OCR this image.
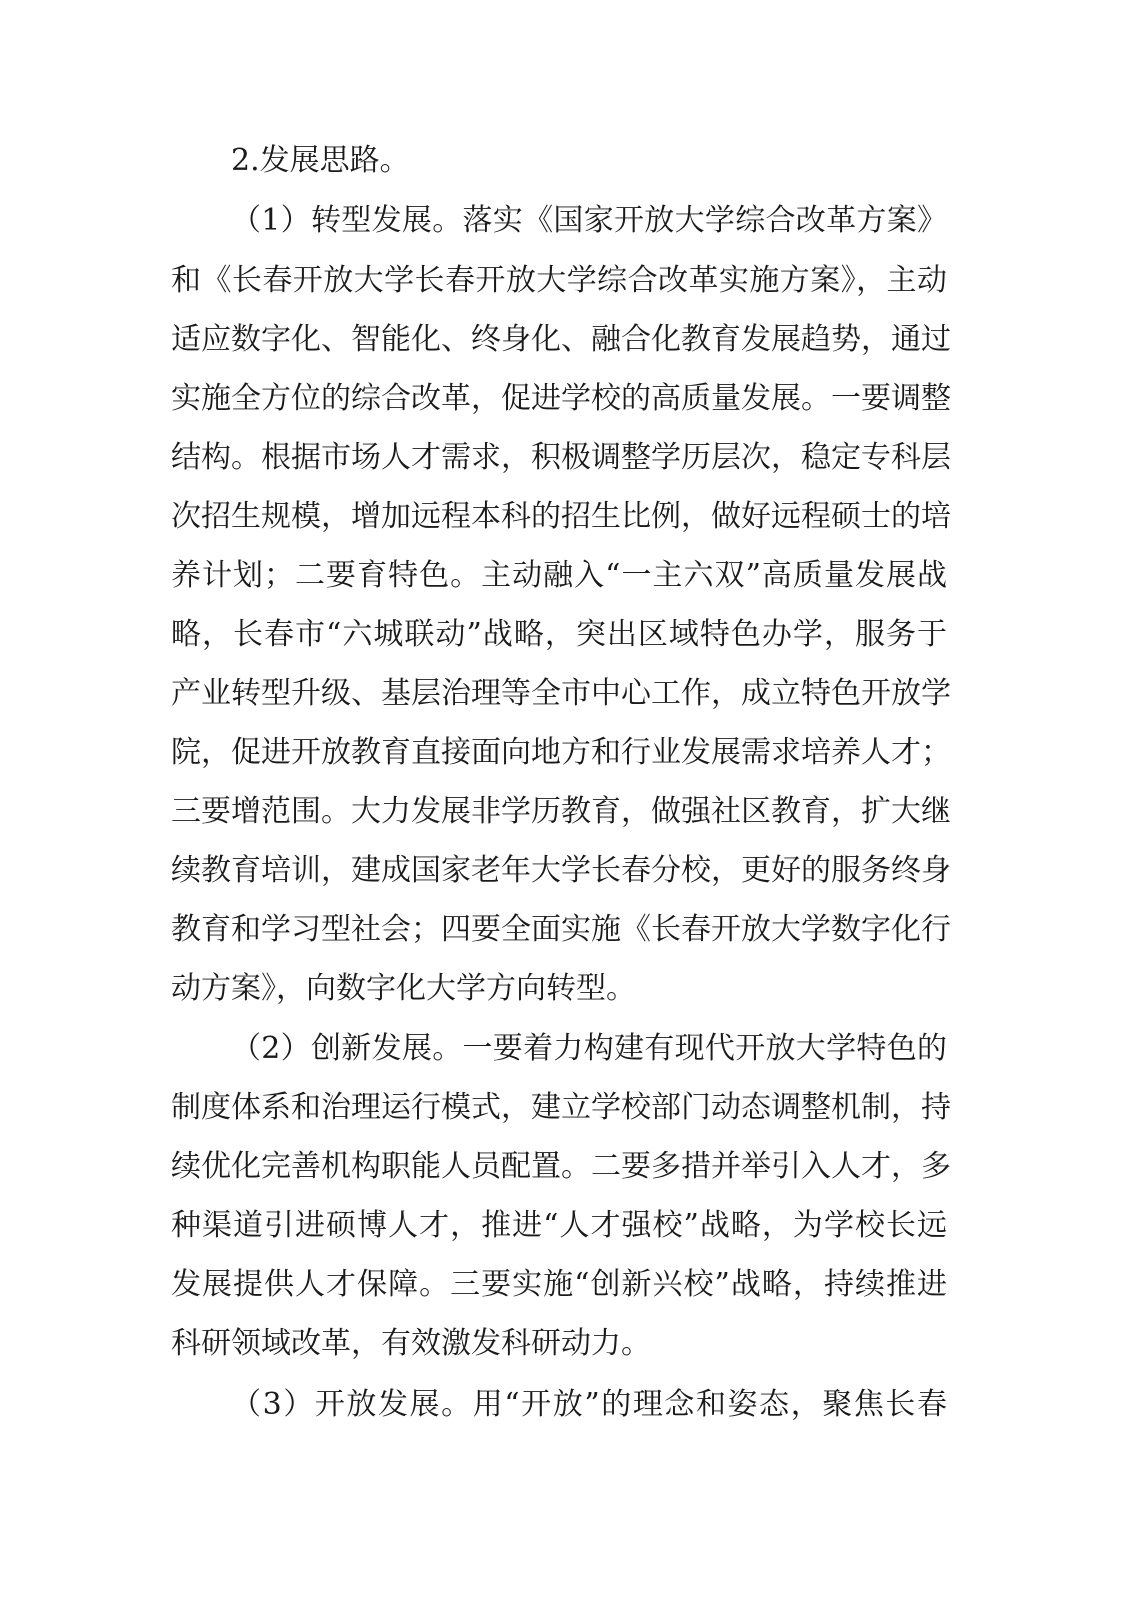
2.发展思路。
（1）转型发展。落实《国家开放大学综合改革方案》
和《长春开放大学长春开放大学综合改革实施方案》，主动
适应数字化、智能化、终身化、融合化教育发展趋势，通过
实施全方位的综合改革，促进学校的高质量发展。一要调整
结构。根据市场人才需求，积极调整学历层次，稳定专科层
次招生规模，增加远程本科的招生比例，做好远程硕士的培
养计划；二要育特色。主动融入“一主六双”高质量发展战
略，长春市“六城联动”战略，突出区域特色办学，服务于
产业转型升级、基层治理等全市中心工作，成立特色开放学
院，促进开放教育直接面向地方和行业发展需求培养人才；
三要增范围。大力发展非学历教育，做强社区教育，扩大继
续教育培训，建成国家老年大学长春分校，更好的服务终身
教育和学习型社会；四要全面实施《长春开放大学数字化行
动方案》，向数字化大学方向转型。
（2）创新发展。一要着力构建有现代开放大学特色的
制度体系和治理运行模式，建立学校部门动态调整机制，持
续优化完善机构职能人员配置。二要多措并举引入人才，多
种渠道引进硕博人才，推进“人才强校”战略，为学校长远
发展提供人才保障。三要实施“创新兴校”战略，持续推进
科研领域改革，有效激发科研动力。
（3）开放发展。用“开放”的理念和姿态，聚焦长春
